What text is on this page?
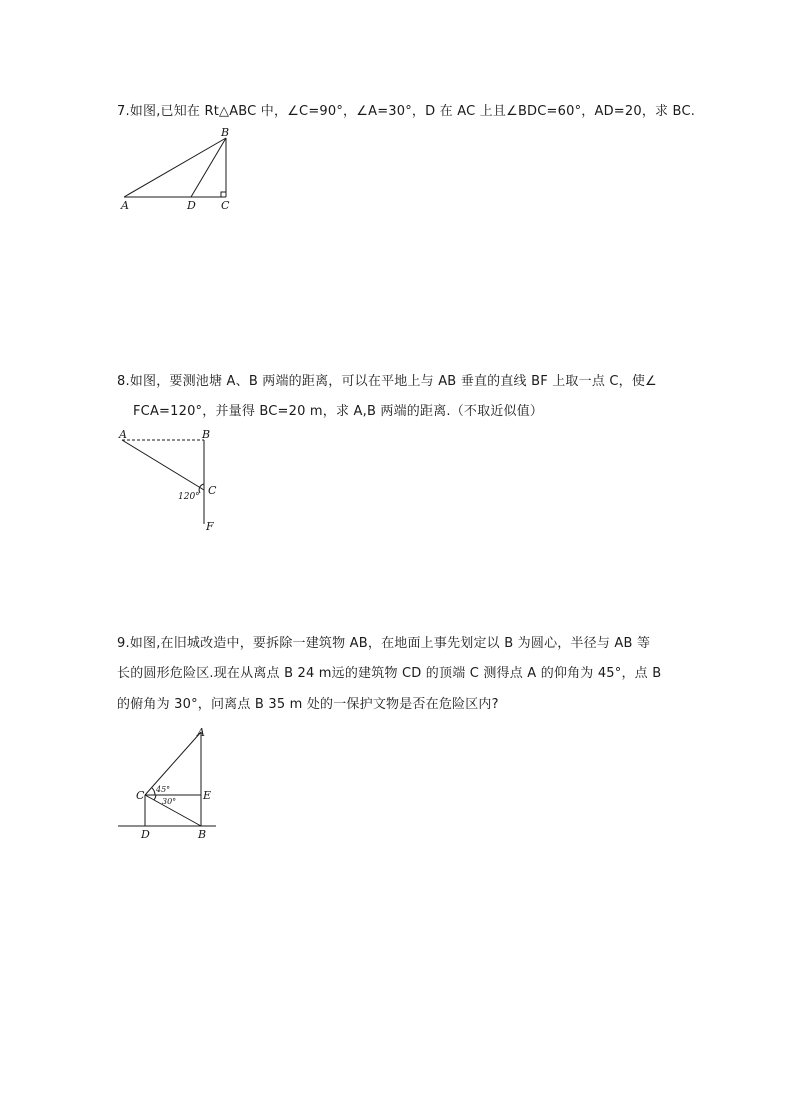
7.如图,已知在 Rt△ABC 中，∠C=90°，∠A=30°，D 在 AC 上且∠BDC=60°，AD=20，求 BC.
B
A	D C
8.如图，要测池塘 A、B 两端的距离，可以在平地上与 AB 垂直的直线 BF 上取一点 C，使∠
FCA=120°，并量得 BC=20 m，求 A,B 两端的距离.（不取近似值）
A	B
C
F
120°
9.如图,在旧城改造中，要拆除一建筑物 AB，在地面上事先划定以 B 为圆心，半径与 AB 等
长的圆形危险区.现在从离点 B 24 m远的建筑物 CD 的顶端 C 测得点 A 的仰角为 45°，点 B
的俯角为 30°，问离点 B 35 m 处的一保护文物是否在危险区内?
A
C	E
D	B
45°
30°
